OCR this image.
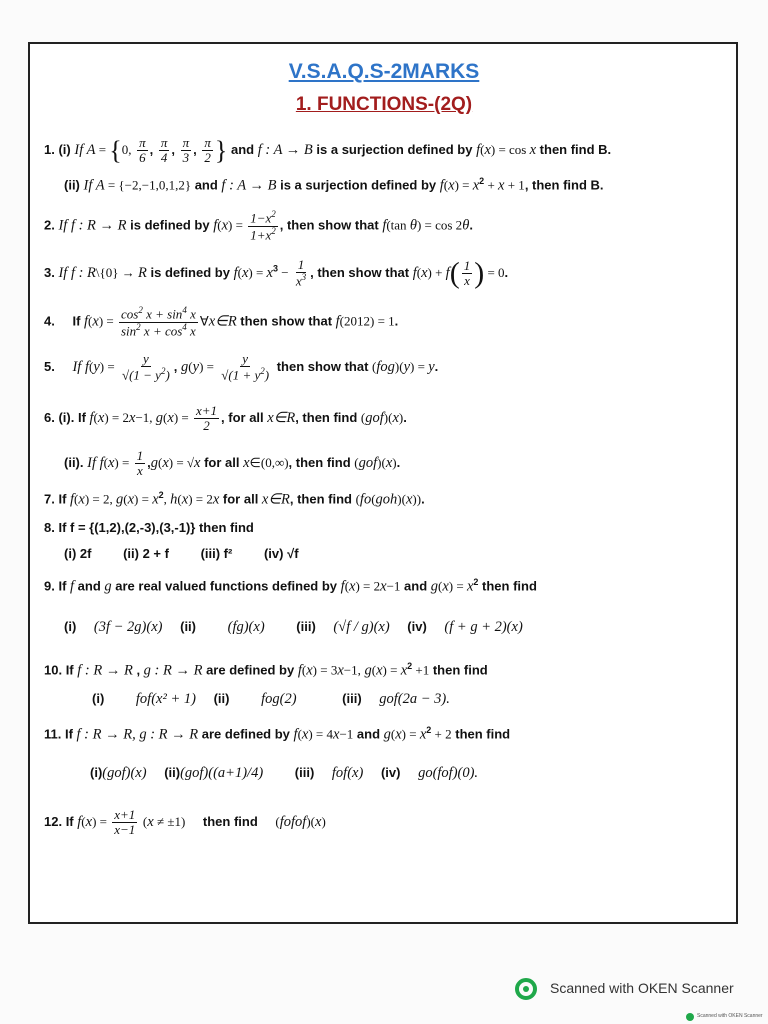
V.S.A.Q.S-2MARKS
1. FUNCTIONS-(2Q)
1. (i) If A = {0, $\frac{\pi}{6}$ , $\frac{\pi}{4}$ , $\frac{\pi}{3}$ , $\frac{\pi}{2}$ } and f : A → B is a surjection defined by f(x) = cos x then find B.
(ii) If A = {−2,−1,0,1,2} and f : A → B is a surjection defined by $f(x) = x^2 + x + 1$, then find B.
2. If f : R → R is defined by $f(x) = \frac{1-x^2}{1+x^2}$ , then show that f(tan θ) = cos 2θ.
3. If f : R\{0} → R is defined by $f(x) = x^3 - \frac{1}{x^3}$ , then show that $f(x) + f( \frac{1}{x}$ ) = 0.
4. If $f(x) = \frac{\cos^2 x + \sin^4 x}{\sin^2 x + \cos^4 x}$ ∀x∈R then show that f(2012) = 1.
5. If $f(y) = \frac{y}{√(1 - y^2)}$ , $g(y) = \frac{y}{√(1 + y^2)}$ then show that (fog)(y) = y.
6. (i). If f(x) = 2x−1, $g(x) = \frac{x+1}{2}$ , for all x∈R, then find (gof)(x).
(ii). If $f(x) = \frac{1}{x} ,g(x) = √x$ for all x∈(0,∞), then find (gof)(x).
7. If f(x) = 2, $g(x) = x^2$, h(x) = 2x for all x∈R, then find (fo(goh)(x)).
8. If f = {(1,2),(2,-3),(3,-1)} then find
(i) 2f (ii) 2 + f (iii) f² (iv) √f
9. If f and g are real valued functions defined by f(x) = 2x−1 and $g(x) = x^2$ then find
(i) (3f − 2g)(x) (ii) (fg)(x) (iii) (√f / g)(x) (iv) (f + g + 2)(x)
10. If f : R → R , g : R → R are defined by f(x) = 3x−1, $g(x) = x^2 +1$ then find
(i) fof(x² + 1) (ii) fog(2)	(iii) gof(2a − 3).
11. If f : R → R, g : R → R are defined by f(x) = 4x−1 and $g(x) = x^2 + 2$ then find
(i)(gof)(x) (ii)(gof)((a+1)/4) (iii) fof(x) (iv) go(fof)(0).
12. If $f(x) = \frac{x+1}{x-1} (x \ne \pm 1)$ then find (fofof)(x)
Scanned with OKEN Scanner
Scanned with OKEN Scanner
